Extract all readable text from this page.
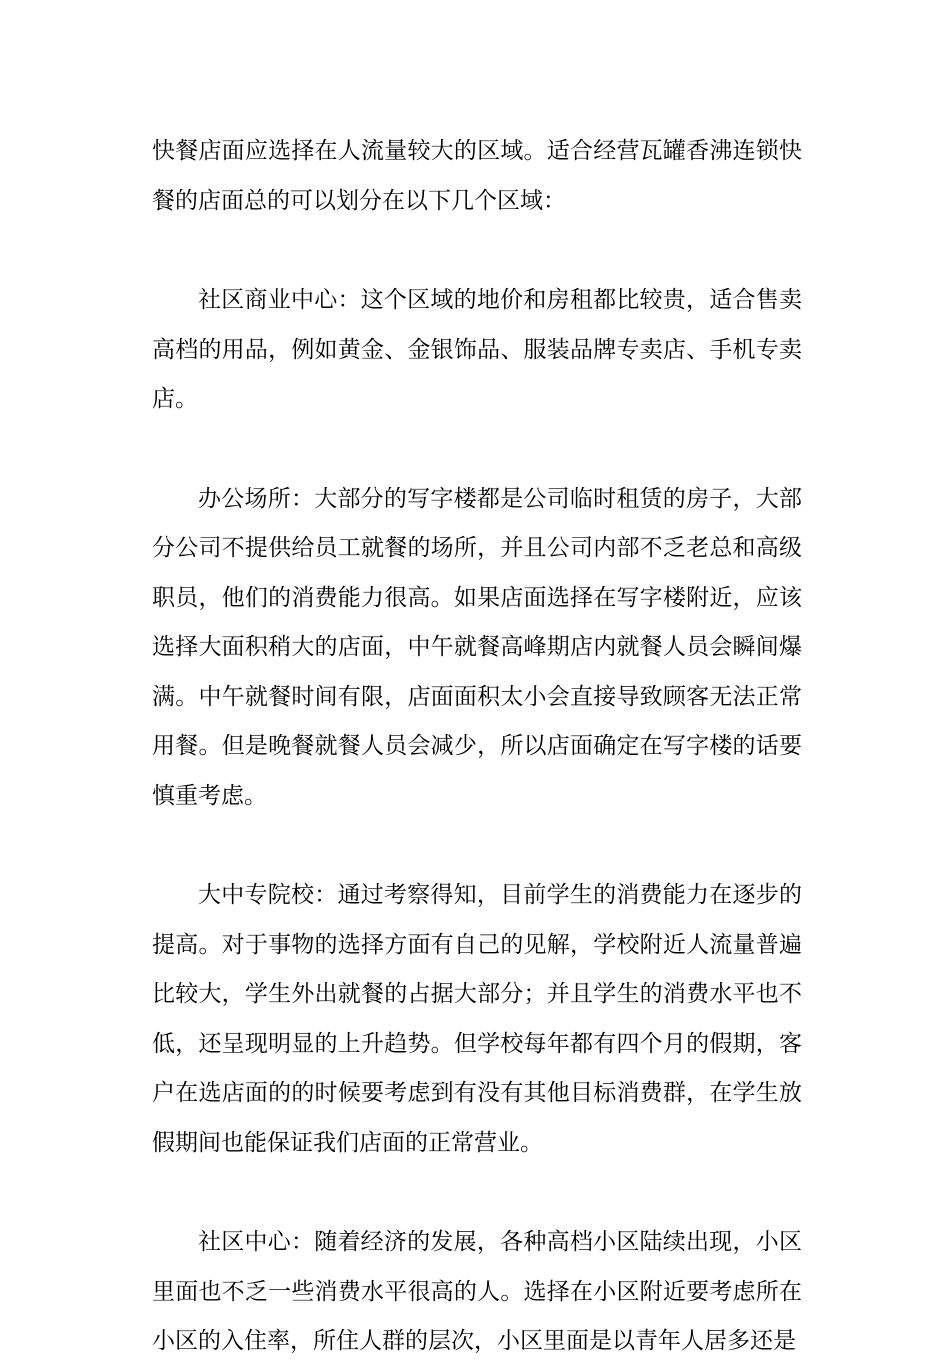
快餐店面应选择在人流量较大的区域。适合经营瓦罐香沸连锁快餐的店面总的可以划分在以下几个区域：

社区商业中心：这个区域的地价和房租都比较贵，适合售卖高档的用品，例如黄金、金银饰品、服装品牌专卖店、手机专卖店。

办公场所：大部分的写字楼都是公司临时租赁的房子，大部分公司不提供给员工就餐的场所，并且公司内部不乏老总和高级职员，他们的消费能力很高。如果店面选择在写字楼附近，应该选择大面积稍大的店面，中午就餐高峰期店内就餐人员会瞬间爆满。中午就餐时间有限，店面面积太小会直接导致顾客无法正常用餐。但是晚餐就餐人员会减少，所以店面确定在写字楼的话要慎重考虑。

大中专院校：通过考察得知，目前学生的消费能力在逐步的提高。对于事物的选择方面有自己的见解，学校附近人流量普遍比较大，学生外出就餐的占据大部分；并且学生的消费水平也不低，还呈现明显的上升趋势。但学校每年都有四个月的假期，客户在选店面的的时候要考虑到有没有其他目标消费群，在学生放假期间也能保证我们店面的正常营业。

社区中心：随着经济的发展，各种高档小区陆续出现，小区里面也不乏一些消费水平很高的人。选择在小区附近要考虑所在小区的入住率，所住人群的层次，小区里面是以青年人居多还是
